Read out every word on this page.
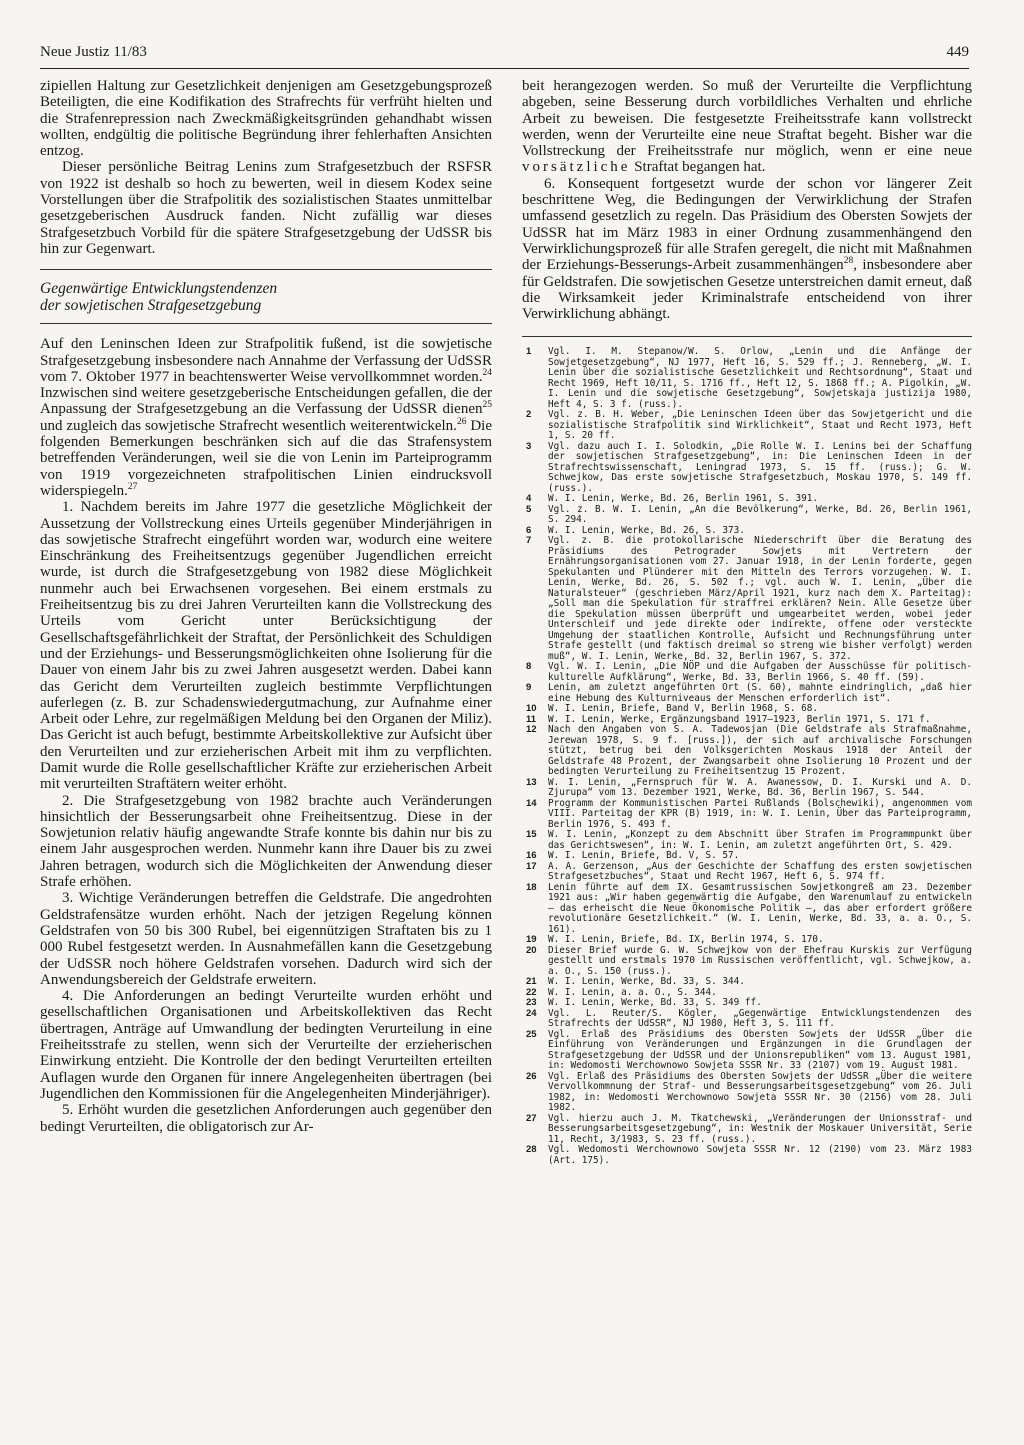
Neue Justiz 11/83	449

zipiellen Haltung zur Gesetzlichkeit denjenigen am Gesetzgebungsprozeß Beteiligten, die eine Kodifikation des Strafrechts für verfrüht hielten und die Strafenrepression nach Zweckmäßigkeitsgründen gehandhabt wissen wollten, endgültig die politische Begründung ihrer fehlerhaften Ansichten entzog.

Dieser persönliche Beitrag Lenins zum Strafgesetzbuch der RSFSR von 1922 ist deshalb so hoch zu bewerten, weil in diesem Kodex seine Vorstellungen über die Strafpolitik des sozialistischen Staates unmittelbar gesetzgeberischen Ausdruck fanden. Nicht zufällig war dieses Strafgesetzbuch Vorbild für die spätere Strafgesetzgebung der UdSSR bis hin zur Gegenwart.

Gegenwärtige Entwicklungstendenzen

der sowjetischen Strafgesetzgebung

Auf den Leninschen Ideen zur Strafpolitik fußend, ist die sowjetische Strafgesetzgebung insbesondere nach Annahme der Verfassung der UdSSR vom 7. Oktober 1977 in beachtenswerter Weise vervollkommnet worden.$^{24}$ Inzwischen sind weitere gesetzgeberische Entscheidungen gefallen, die der Anpassung der Strafgesetzgebung an die Verfassung der UdSSR dienen$^{25}$ und zugleich das sowjetische Strafrecht wesentlich weiterentwickeln.$^{26}$ Die folgenden Bemerkungen beschränken sich auf die das Strafensystem betreffenden Veränderungen, weil sie die von Lenin im Parteiprogramm von 1919 vorgezeichneten strafpolitischen Linien eindrucksvoll widerspiegeln.$^{27}$

1. Nachdem bereits im Jahre 1977 die gesetzliche Möglichkeit der Aussetzung der Vollstreckung eines Urteils gegenüber Minderjährigen in das sowjetische Strafrecht eingeführt worden war, wodurch eine weitere Einschränkung des Freiheitsentzugs gegenüber Jugendlichen erreicht wurde, ist durch die Strafgesetzgebung von 1982 diese Möglichkeit nunmehr auch bei Erwachsenen vorgesehen. Bei einem erstmals zu Freiheitsentzug bis zu drei Jahren Verurteilten kann die Vollstreckung des Urteils vom Gericht unter Berücksichtigung der Gesellschaftsgefährlichkeit der Straftat, der Persönlichkeit des Schuldigen und der Erziehungs- und Besserungsmöglichkeiten ohne Isolierung für die Dauer von einem Jahr bis zu zwei Jahren ausgesetzt werden. Dabei kann das Gericht dem Verurteilten zugleich bestimmte Verpflichtungen auferlegen (z. B. zur Schadenswiedergutmachung, zur Aufnahme einer Arbeit oder Lehre, zur regelmäßigen Meldung bei den Organen der Miliz). Das Gericht ist auch befugt, bestimmte Arbeitskollektive zur Aufsicht über den Verurteilten und zur erzieherischen Arbeit mit ihm zu verpflichten. Damit wurde die Rolle gesellschaftlicher Kräfte zur erzieherischen Arbeit mit verurteilten Straftätern weiter erhöht.

2. Die Strafgesetzgebung von 1982 brachte auch Veränderungen hinsichtlich der Besserungsarbeit ohne Freiheitsentzug. Diese in der Sowjetunion relativ häufig angewandte Strafe konnte bis dahin nur bis zu einem Jahr ausgesprochen werden. Nunmehr kann ihre Dauer bis zu zwei Jahren betragen, wodurch sich die Möglichkeiten der Anwendung dieser Strafe erhöhen.

3. Wichtige Veränderungen betreffen die Geldstrafe. Die angedrohten Geldstrafensätze wurden erhöht. Nach der jetzigen Regelung können Geldstrafen von 50 bis 300 Rubel, bei eigennützigen Straftaten bis zu 1 000 Rubel festgesetzt werden. In Ausnahmefällen kann die Gesetzgebung der UdSSR noch höhere Geldstrafen vorsehen. Dadurch wird sich der Anwendungsbereich der Geldstrafe erweitern.

4. Die Anforderungen an bedingt Verurteilte wurden erhöht und gesellschaftlichen Organisationen und Arbeitskollektiven das Recht übertragen, Anträge auf Umwandlung der bedingten Verurteilung in eine Freiheitsstrafe zu stellen, wenn sich der Verurteilte der erzieherischen Einwirkung entzieht. Die Kontrolle der den bedingt Verurteilten erteilten Auflagen wurde den Organen für innere Angelegenheiten übertragen (bei Jugendlichen den Kommissionen für die Angelegenheiten Minderjähriger).

5. Erhöht wurden die gesetzlichen Anforderungen auch gegenüber den bedingt Verurteilten, die obligatorisch zur Ar-

beit herangezogen werden. So muß der Verurteilte die Verpflichtung abgeben, seine Besserung durch vorbildliches Verhalten und ehrliche Arbeit zu beweisen. Die festgesetzte Freiheitsstrafe kann vollstreckt werden, wenn der Verurteilte eine neue Straftat begeht. Bisher war die Vollstreckung der Freiheitsstrafe nur möglich, wenn er eine neue vorsätzliche Straftat begangen hat.

6. Konsequent fortgesetzt wurde der schon vor längerer Zeit beschrittene Weg, die Bedingungen der Verwirklichung der Strafen umfassend gesetzlich zu regeln. Das Präsidium des Obersten Sowjets der UdSSR hat im März 1983 in einer Ordnung zusammenhängend den Verwirklichungsprozeß für alle Strafen geregelt, die nicht mit Maßnahmen der Erziehungs-Besserungs-Arbeit zusammenhängen$^{28}$, insbesondere aber für Geldstrafen. Die sowjetischen Gesetze unterstreichen damit erneut, daß die Wirksamkeit jeder Kriminalstrafe entscheidend von ihrer Verwirklichung abhängt.

1 Vgl. I. M. Stepanow/W. S. Orlow, „Lenin und die Anfänge der Sowjetgesetzgebung“, NJ 1977, Heft 16, S. 529 ff.; J. Renneberg, „W. I. Lenin über die sozialistische Gesetzlichkeit und Rechtsordnung“, Staat und Recht 1969, Heft 10/11, S. 1716 ff., Heft 12, S. 1868 ff.; A. Pigolkin, „W. I. Lenin und die sowjetische Gesetzgebung“, Sowjetskaja justizija 1980, Heft 4, S. 3 f. (russ.).

2 Vgl. z. B. H. Weber, „Die Leninschen Ideen über das Sowjetgericht und die sozialistische Strafpolitik sind Wirklichkeit“, Staat und Recht 1973, Heft 1, S. 20 ff.

3 Vgl. dazu auch I. I. Solodkin, „Die Rolle W. I. Lenins bei der Schaffung der sowjetischen Strafgesetzgebung“, in: Die Leninschen Ideen in der Strafrechtswissenschaft, Leningrad 1973, S. 15 ff. (russ.); G. W. Schwejkow, Das erste sowjetische Strafgesetzbuch, Moskau 1970, S. 149 ff. (russ.).

4 W. I. Lenin, Werke, Bd. 26, Berlin 1961, S. 391.

5 Vgl. z. B. W. I. Lenin, „An die Bevölkerung“, Werke, Bd. 26, Berlin 1961, S. 294.

6 W. I. Lenin, Werke, Bd. 26, S. 373.

7 Vgl. z. B. die protokollarische Niederschrift über die Beratung des Präsidiums des Petrograder Sowjets mit Vertretern der Ernährungsorganisationen vom 27. Januar 1918, in der Lenin forderte, gegen Spekulanten und Plünderer mit den Mitteln des Terrors vorzugehen. W. I. Lenin, Werke, Bd. 26, S. 502 f.; vgl. auch W. I. Lenin, „Über die Naturalsteuer“ (geschrieben März/April 1921, kurz nach dem X. Parteitag): „Soll man die Spekulation für straffrei erklären? Nein. Alle Gesetze über die Spekulation müssen überprüft und umgearbeitet werden, wobei jeder Unterschleif und jede direkte oder indirekte, offene oder versteckte Umgehung der staatlichen Kontrolle, Aufsicht und Rechnungsführung unter Strafe gestellt (und faktisch dreimal so streng wie bisher verfolgt) werden muß“, W. I. Lenin, Werke, Bd. 32, Berlin 1967, S. 372.

8 Vgl. W. I. Lenin, „Die NÖP und die Aufgaben der Ausschüsse für politisch-kulturelle Aufklärung“, Werke, Bd. 33, Berlin 1966, S. 40 ff. (59).

9 Lenin, am zuletzt angeführten Ort (S. 60), mahnte eindringlich, „daß hier eine Hebung des Kulturniveaus der Menschen erforderlich ist“.

10 W. I. Lenin, Briefe, Band V, Berlin 1968, S. 68.

11 W. I. Lenin, Werke, Ergänzungsband 1917–1923, Berlin 1971, S. 171 f.

12 Nach den Angaben von S. A. Tadewosjan (Die Geldstrafe als Strafmaßnahme, Jerewan 1978, S. 9 f. [russ.]), der sich auf archivalische Forschungen stützt, betrug bei den Volksgerichten Moskaus 1918 der Anteil der Geldstrafe 48 Prozent, der Zwangsarbeit ohne Isolierung 10 Prozent und der bedingten Verurteilung zu Freiheitsentzug 15 Prozent.

13 W. I. Lenin, „Fernspruch für W. A. Awanessow, D. I. Kurski und A. D. Zjurupa“ vom 13. Dezember 1921, Werke, Bd. 36, Berlin 1967, S. 544.

14 Programm der Kommunistischen Partei Rußlands (Bolschewiki), angenommen vom VIII. Parteitag der KPR (B) 1919, in: W. I. Lenin, Über das Parteiprogramm, Berlin 1976, S. 493 f.

15 W. I. Lenin, „Konzept zu dem Abschnitt über Strafen im Programmpunkt über das Gerichtswesen“, in: W. I. Lenin, am zuletzt angeführten Ort, S. 429.

16 W. I. Lenin, Briefe, Bd. V, S. 57.

17 A. A. Gerzenson, „Aus der Geschichte der Schaffung des ersten sowjetischen Strafgesetzbuches“, Staat und Recht 1967, Heft 6, S. 974 ff.

18 Lenin führte auf dem IX. Gesamtrussischen Sowjetkongreß am 23. Dezember 1921 aus: „Wir haben gegenwärtig die Aufgabe, den Warenumlauf zu entwickeln – das erheischt die Neue Ökonomische Politik –, das aber erfordert größere revolutionäre Gesetzlichkeit.“ (W. I. Lenin, Werke, Bd. 33, a. a. O., S. 161).

19 W. I. Lenin, Briefe, Bd. IX, Berlin 1974, S. 170.

20 Dieser Brief wurde G. W. Schwejkow von der Ehefrau Kurskis zur Verfügung gestellt und erstmals 1970 im Russischen veröffentlicht, vgl. Schwejkow, a. a. O., S. 150 (russ.).

21 W. I. Lenin, Werke, Bd. 33, S. 344.

22 W. I. Lenin, a. a. O., S. 344.

23 W. I. Lenin, Werke, Bd. 33, S. 349 ff.

24 Vgl. L. Reuter/S. Kögler, „Gegenwärtige Entwicklungstendenzen des Strafrechts der UdSSR“, NJ 1980, Heft 3, S. 111 ff.

25 Vgl. Erlaß des Präsidiums des Obersten Sowjets der UdSSR „Über die Einführung von Veränderungen und Ergänzungen in die Grundlagen der Strafgesetzgebung der UdSSR und der Unionsrepubliken“ vom 13. August 1981, in: Wedomosti Werchownowo Sowjeta SSSR Nr. 33 (2107) vom 19. August 1981.

26 Vgl. Erlaß des Präsidiums des Obersten Sowjets der UdSSR „Über die weitere Vervollkommnung der Straf- und Besserungsarbeitsgesetzgebung“ vom 26. Juli 1982, in: Wedomosti Werchownowo Sowjeta SSSR Nr. 30 (2156) vom 28. Juli 1982.

27 Vgl. hierzu auch J. M. Tkatchewski, „Veränderungen der Unionsstraf- und Besserungsarbeitsgesetzgebung“, in: Westnik der Moskauer Universität, Serie 11, Recht, 3/1983, S. 23 ff. (russ.).

28 Vgl. Wedomosti Werchownowo Sowjeta SSSR Nr. 12 (2190) vom 23. März 1983 (Art. 175).
